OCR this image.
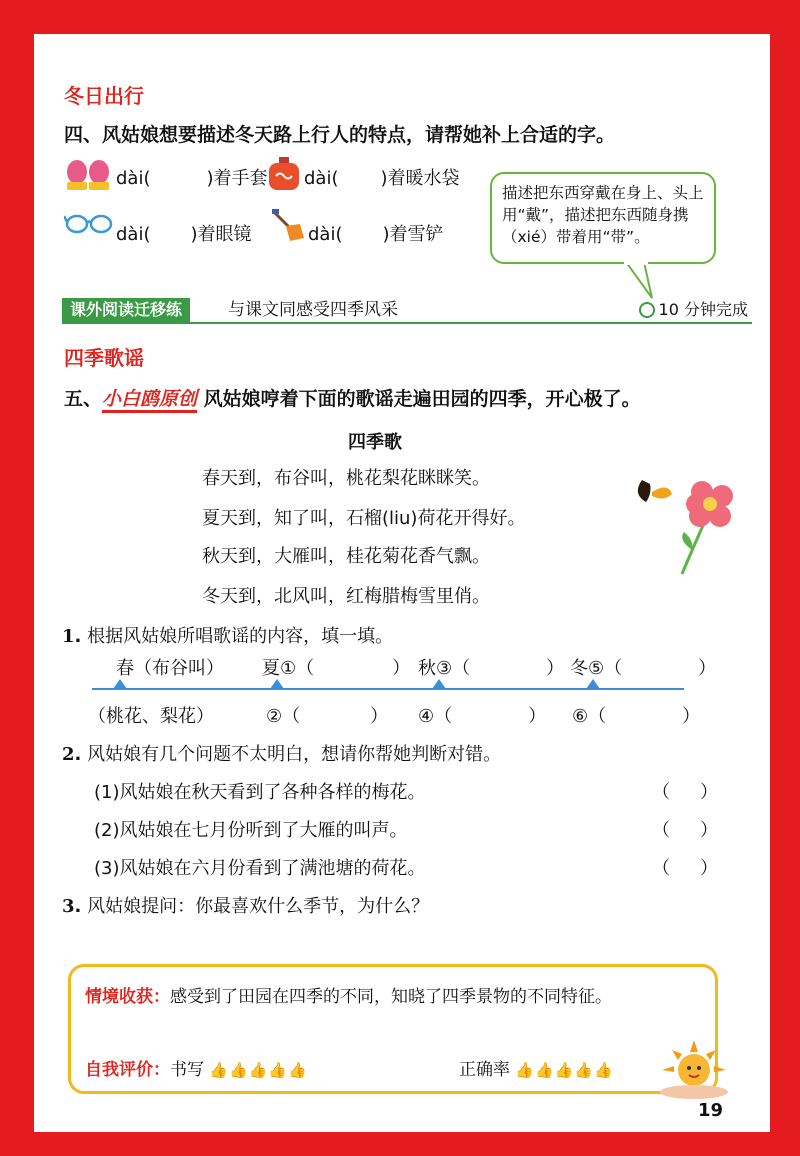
冬日出行
四、风姑娘想要描述冬天路上行人的特点，请帮她补上合适的字。
dài(	)着手套 dài( )着暖水袋
dài( )着眼镜	dài( )着雪铲
描述把东西穿戴在身上、头上用“戴”，描述把东西随身携（xié）带着用“带”。
课外阅读迁移练	与课文同感受四季风采	10 分钟完成
四季歌谣
五、小白鸥原创 风姑娘哼着下面的歌谣走遍田园的四季，开心极了。
四季歌
春天到，布谷叫，桃花梨花眯眯笑。
夏天到，知了叫，石榴(liu)荷花开得好。
秋天到，大雁叫，桂花菊花香气飘。
冬天到，北风叫，红梅腊梅雪里俏。
1. 根据风姑娘所唱歌谣的内容，填一填。
春（布谷叫） 夏①（	） 秋③（	） 冬⑤（	）
（桃花、梨花）	②（	） ④（	） ⑥（	）
2. 风姑娘有几个问题不太明白，想请你帮她判断对错。
(1)风姑娘在秋天看到了各种各样的梅花。	（ ）
(2)风姑娘在七月份听到了大雁的叫声。	（ ）
(3)风姑娘在六月份看到了满池塘的荷花。	（ ）
3. 风姑娘提问：你最喜欢什么季节，为什么？
情境收获：感受到了田园在四季的不同，知晓了四季景物的不同特征。
自我评价：书写 👍👍👍👍👍	正确率 👍👍👍👍👍
19
